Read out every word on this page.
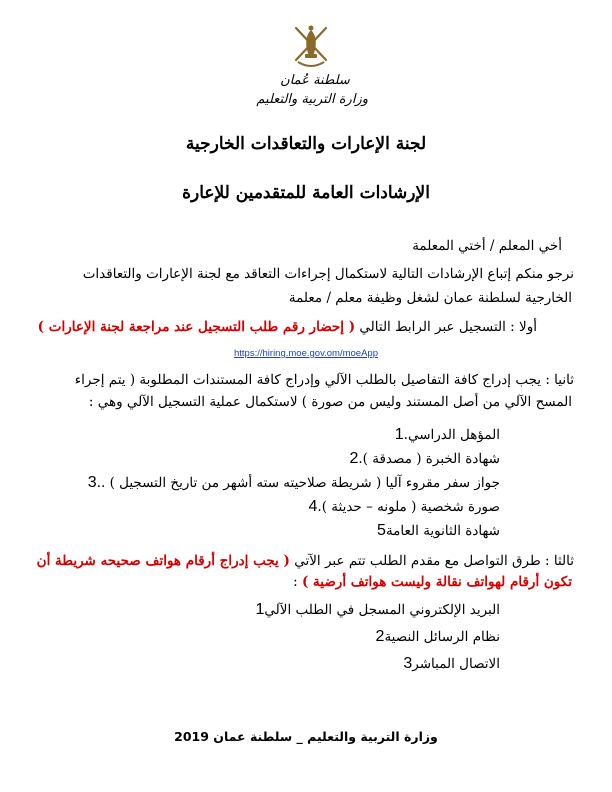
سلطنة عُمان
وزارة التربية والتعليم
لجنة الإعارات والتعاقدات الخارجية
الإرشادات العامة للمتقدمين للإعارة
أخي المعلم / أختي المعلمة
نرجو منكم إتباع الإرشادات التالية لاستكمال إجراءات التعاقد مع لجنة الإعارات والتعاقدات
الخارجية لسلطنة عمان لشغل وظيفة معلم / معلمة
أولا : التسجيل عبر الرابط التالي ( إحضار رقم طلب التسجيل عند مراجعة لجنة الإعارات )
https://hiring.moe.gov.om/moeApp
ثانيا : يجب إدراج كافة التفاصيل بالطلب الآلي وإدراج كافة المستندات المطلوبة ( يتم إجراء
المسح الآلي من أصل المستند وليس من صورة ) لاستكمال عملية التسجيل الآلي وهي :
1 . المؤهل الدراسي
2 . شهادة الخبرة ( مصدقة )
3 . جواز سفر مقروء آليا ( شريطة صلاحيته سته أشهر من تاريخ التسجيل ) .
4 . صورة شخصية ( ملونه – حديثة )
5 شهادة الثانوية العامة
ثالثا : طرق التواصل مع مقدم الطلب تتم عبر الآتي ( يجب إدراج أرقام هواتف صحيحه شريطة أن
تكون أرقام لهواتف نقالة وليست هواتف أرضية ) :
1 البريد الإلكتروني المسجل في الطلب الآلي
2 نظام الرسائل النصية
3 الاتصال المباشر
وزارة التربية والتعليم _ سلطنة عمان 2019
